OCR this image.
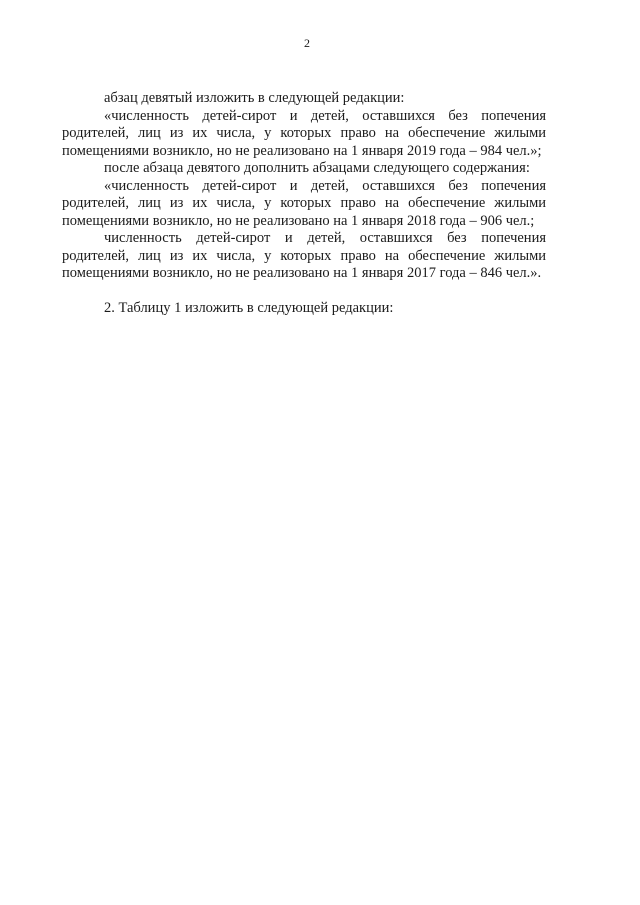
2

абзац девятый изложить в следующей редакции:

«численность детей-сирот и детей, оставшихся без попечения родителей, лиц из их числа, у которых право на обеспечение жилыми помещениями возникло, но не реализовано на 1 января 2019 года – 984 чел.»;

после абзаца девятого дополнить абзацами следующего содержания:

«численность детей-сирот и детей, оставшихся без попечения родителей, лиц из их числа, у которых право на обеспечение жилыми помещениями возникло, но не реализовано на 1 января 2018 года – 906 чел.;

численность детей-сирот и детей, оставшихся без попечения родителей, лиц из их числа, у которых право на обеспечение жилыми помещениями возникло, но не реализовано на 1 января 2017 года – 846 чел.».

2. Таблицу 1 изложить в следующей редакции:
